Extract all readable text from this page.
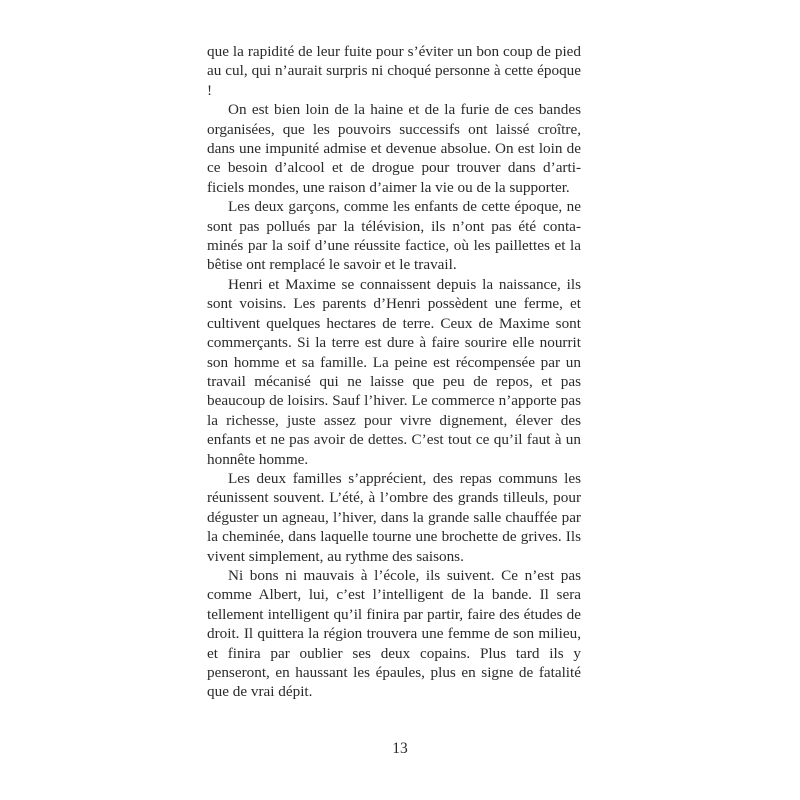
que la rapidité de leur fuite pour s’éviter un bon coup de pied au cul, qui n’aurait surpris ni choqué personne à cette époque !

On est bien loin de la haine et de la furie de ces bandes organisées, que les pouvoirs successifs ont laissé croître, dans une impunité admise et devenue absolue. On est loin de ce besoin d’alcool et de drogue pour trouver dans d’artificiels mondes, une raison d’aimer la vie ou de la supporter.

Les deux garçons, comme les enfants de cette époque, ne sont pas pollués par la télévision, ils n’ont pas été contaminés par la soif d’une réussite factice, où les paillettes et la bêtise ont remplacé le savoir et le travail.

Henri et Maxime se connaissent depuis la naissance, ils sont voisins. Les parents d’Henri possèdent une ferme, et cultivent quelques hectares de terre. Ceux de Maxime sont commerçants. Si la terre est dure à faire sourire elle nourrit son homme et sa famille. La peine est récompensée par un travail mécanisé qui ne laisse que peu de repos, et pas beaucoup de loisirs. Sauf l’hiver. Le commerce n’apporte pas la richesse, juste assez pour vivre dignement, élever des enfants et ne pas avoir de dettes. C’est tout ce qu’il faut à un honnête homme.

Les deux familles s’apprécient, des repas communs les réunissent souvent. L’été, à l’ombre des grands tilleuls, pour déguster un agneau, l’hiver, dans la grande salle chauffée par la cheminée, dans laquelle tourne une brochette de grives. Ils vivent simplement, au rythme des saisons.

Ni bons ni mauvais à l’école, ils suivent. Ce n’est pas comme Albert, lui, c’est l’intelligent de la bande. Il sera tellement intelligent qu’il finira par partir, faire des études de droit. Il quittera la région trouvera une femme de son milieu, et finira par oublier ses deux copains. Plus tard ils y penseront, en haussant les épaules, plus en signe de fatalité que de vrai dépit.

13
